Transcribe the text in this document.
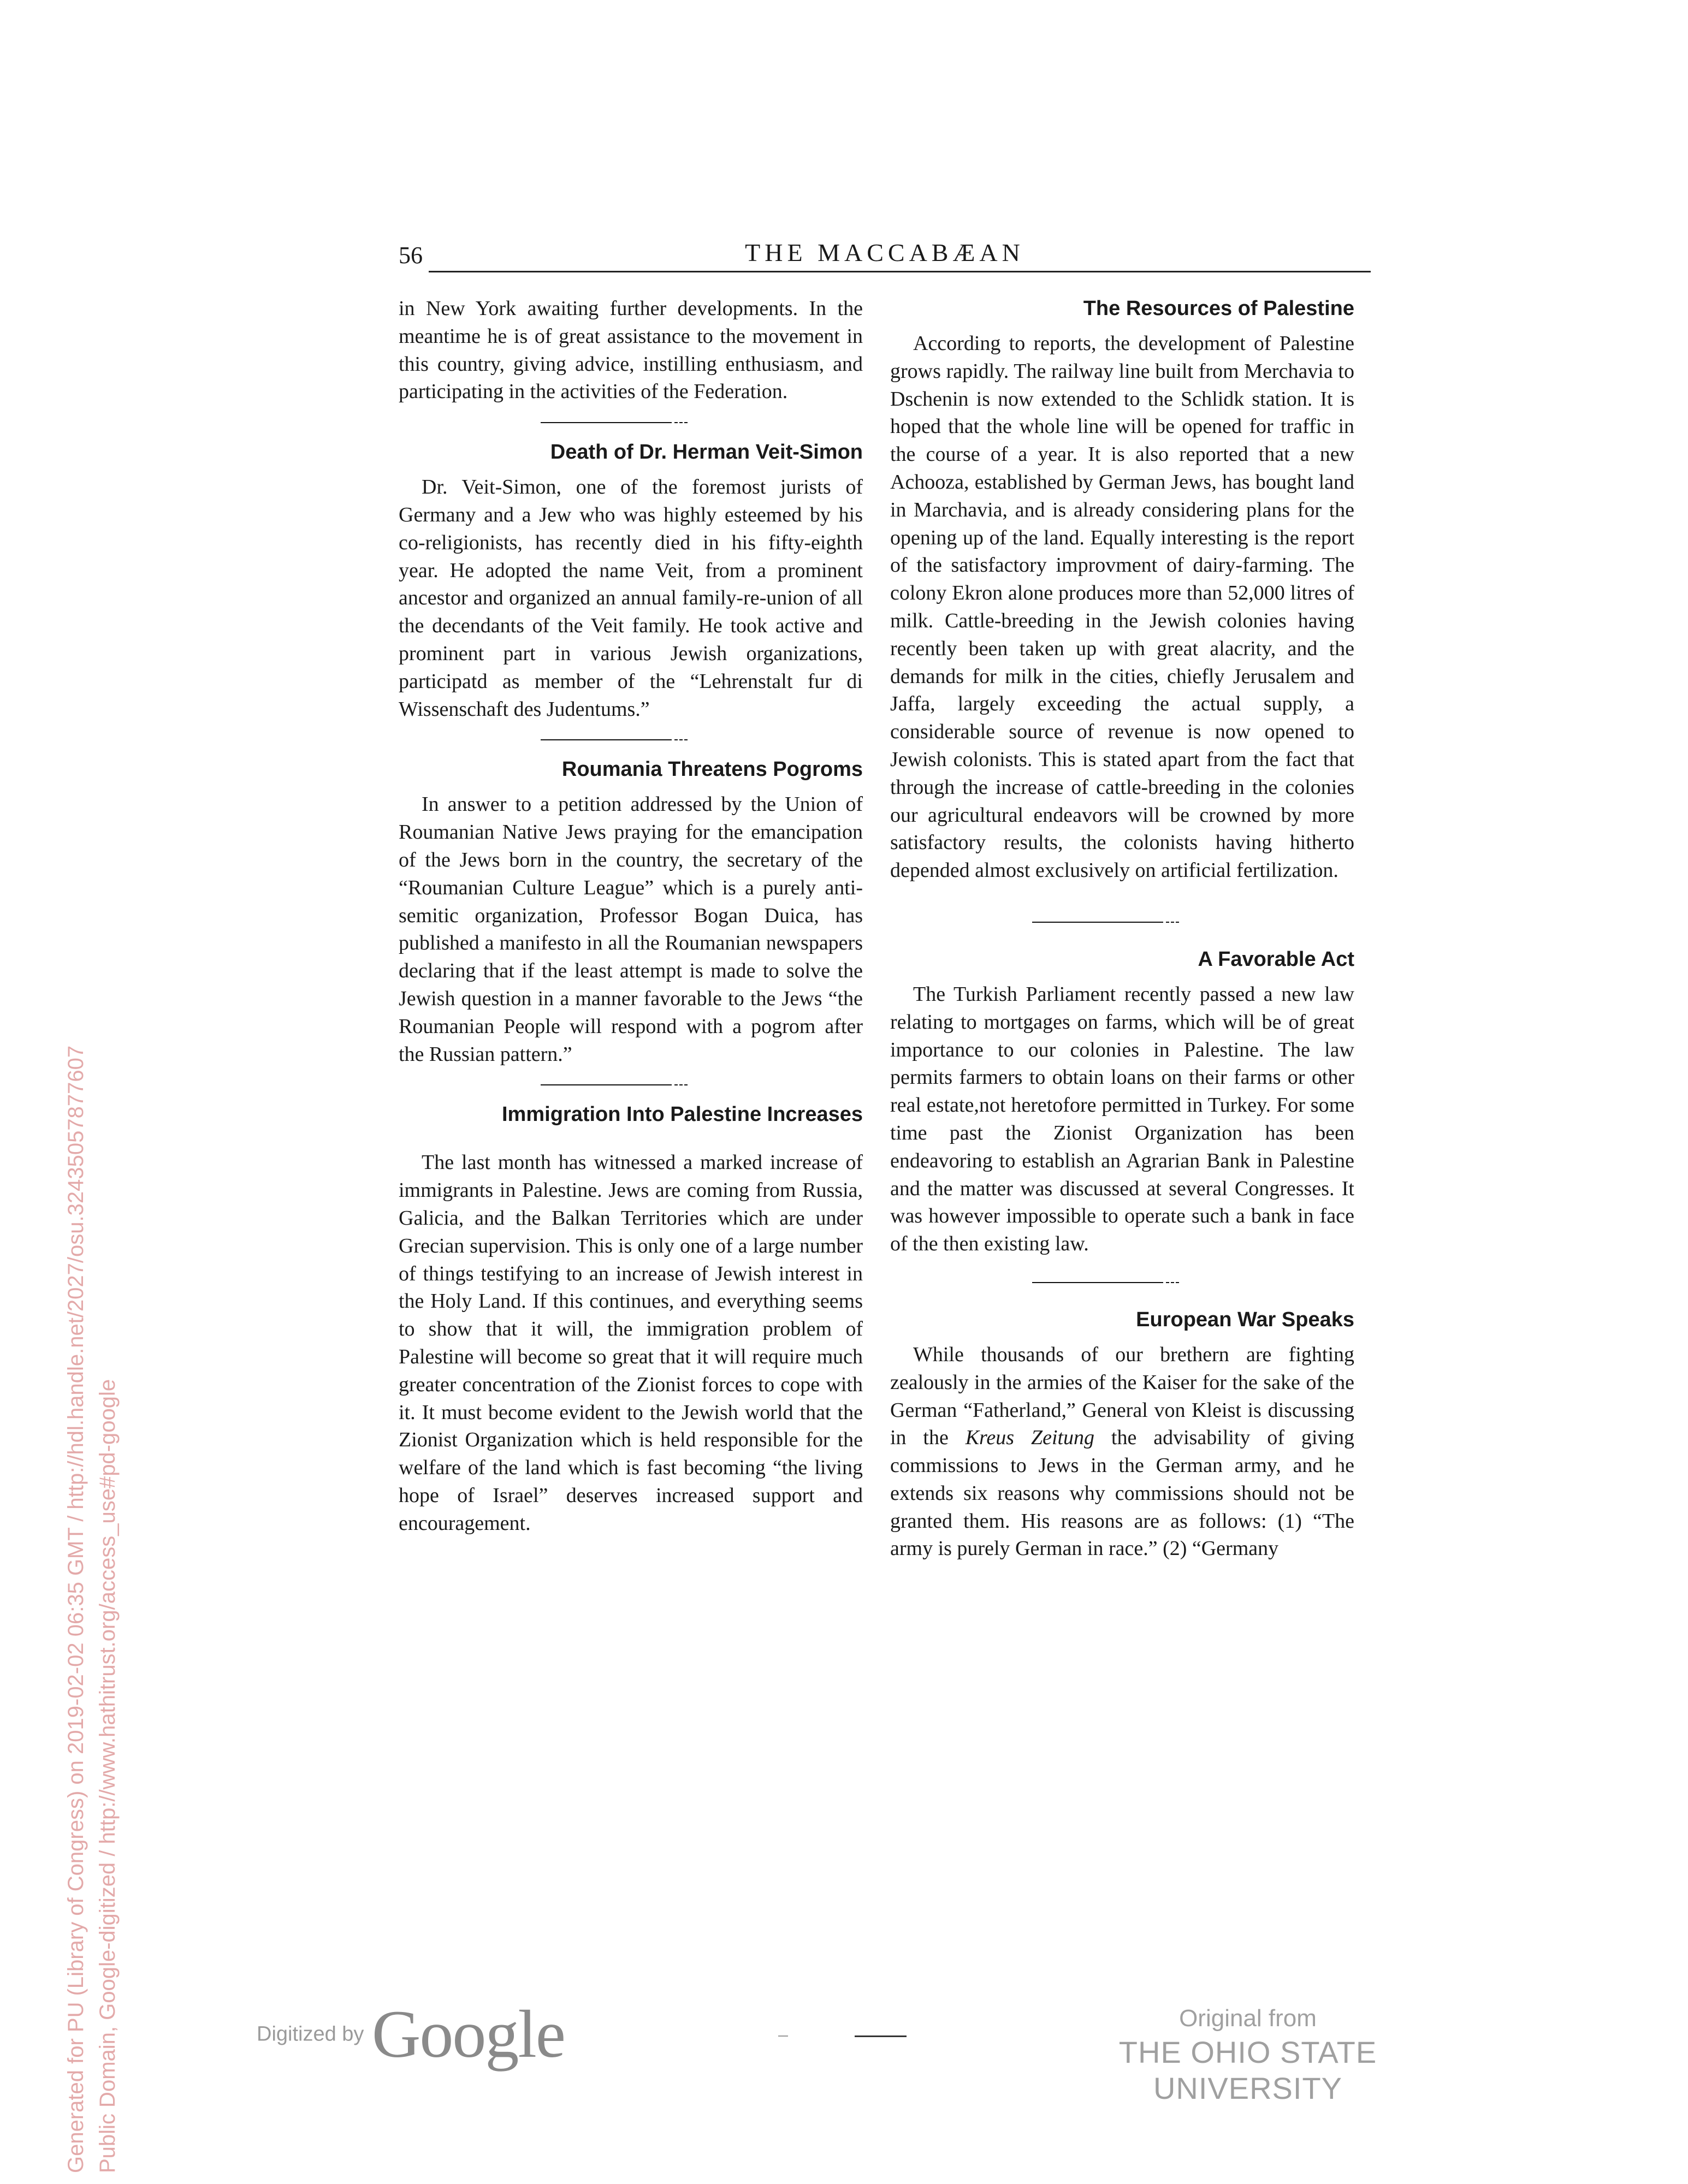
56	THE MACCABÆAN

in New York awaiting further developments. In the meantime he is of great assistance to the movement in this country, giving advice, instilling enthusiasm, and participating in the activities of the Federation.

Death of Dr. Herman Veit-Simon

Dr. Veit-Simon, one of the foremost jurists of Germany and a Jew who was highly esteemed by his co-religionists, has recently died in his fifty-eighth year. He adopted the name Veit, from a prominent ancestor and organized an annual family-re-union of all the decendants of the Veit family. He took active and prominent part in various Jewish organizations, participatd as member of the “Lehrenstalt fur di Wissenschaft des Judentums.”

Roumania Threatens Pogroms

In answer to a petition addressed by the Union of Roumanian Native Jews praying for the emancipation of the Jews born in the country, the secretary of the “Roumanian Culture League” which is a purely anti-semitic organization, Professor Bogan Duica, has published a manifesto in all the Roumanian newspapers declaring that if the least attempt is made to solve the Jewish question in a manner favorable to the Jews “the Roumanian People will respond with a pogrom after the Russian pattern.”

Immigration Into Palestine Increases

The last month has witnessed a marked increase of immigrants in Palestine. Jews are coming from Russia, Galicia, and the Balkan Territories which are under Grecian supervision. This is only one of a large number of things testifying to an increase of Jewish interest in the Holy Land. If this continues, and everything seems to show that it will, the immigration problem of Palestine will become so great that it will require much greater concentration of the Zionist forces to cope with it. It must become evident to the Jewish world that the Zionist Organization which is held responsible for the welfare of the land which is fast becoming “the living hope of Israel” deserves increased support and encouragement.

The Resources of Palestine

According to reports, the development of Palestine grows rapidly. The railway line built from Merchavia to Dschenin is now extended to the Schlidk station. It is hoped that the whole line will be opened for traffic in the course of a year. It is also reported that a new Achooza, established by German Jews, has bought land in Marchavia, and is already considering plans for the opening up of the land. Equally interesting is the report of the satisfactory improvment of dairy-farming. The colony Ekron alone produces more than 52,000 litres of milk. Cattle-breeding in the Jewish colonies having recently been taken up with great alacrity, and the demands for milk in the cities, chiefly Jerusalem and Jaffa, largely exceeding the actual supply, a considerable source of revenue is now opened to Jewish colonists. This is stated apart from the fact that through the increase of cattle-breeding in the colonies our agricultural endeavors will be crowned by more satisfactory results, the colonists having hitherto depended almost exclusively on artificial fertilization.

A Favorable Act

The Turkish Parliament recently passed a new law relating to mortgages on farms, which will be of great importance to our colonies in Palestine. The law permits farmers to obtain loans on their farms or other real estate,not heretofore permitted in Turkey. For some time past the Zionist Organization has been endeavoring to establish an Agrarian Bank in Palestine and the matter was discussed at several Congresses. It was however impossible to operate such a bank in face of the then existing law.

European War Speaks

While thousands of our brethern are fighting zealously in the armies of the Kaiser for the sake of the German “Fatherland,” General von Kleist is discussing in the Kreus Zeitung the advisability of giving commissions to Jews in the German army, and he extends six reasons why commissions should not be granted them. His reasons are as follows: (1) “The army is purely German in race.” (2) “Germany

Generated for PU (Library of Congress) on 2019-02-02 06:35 GMT / http://hdl.handle.net/2027/osu.32435057877607 Public Domain, Google-digitized / http://www.hathitrust.org/access_use#pd-google	Digitized by Google	Original from
THE OHIO STATE UNIVERSITY
